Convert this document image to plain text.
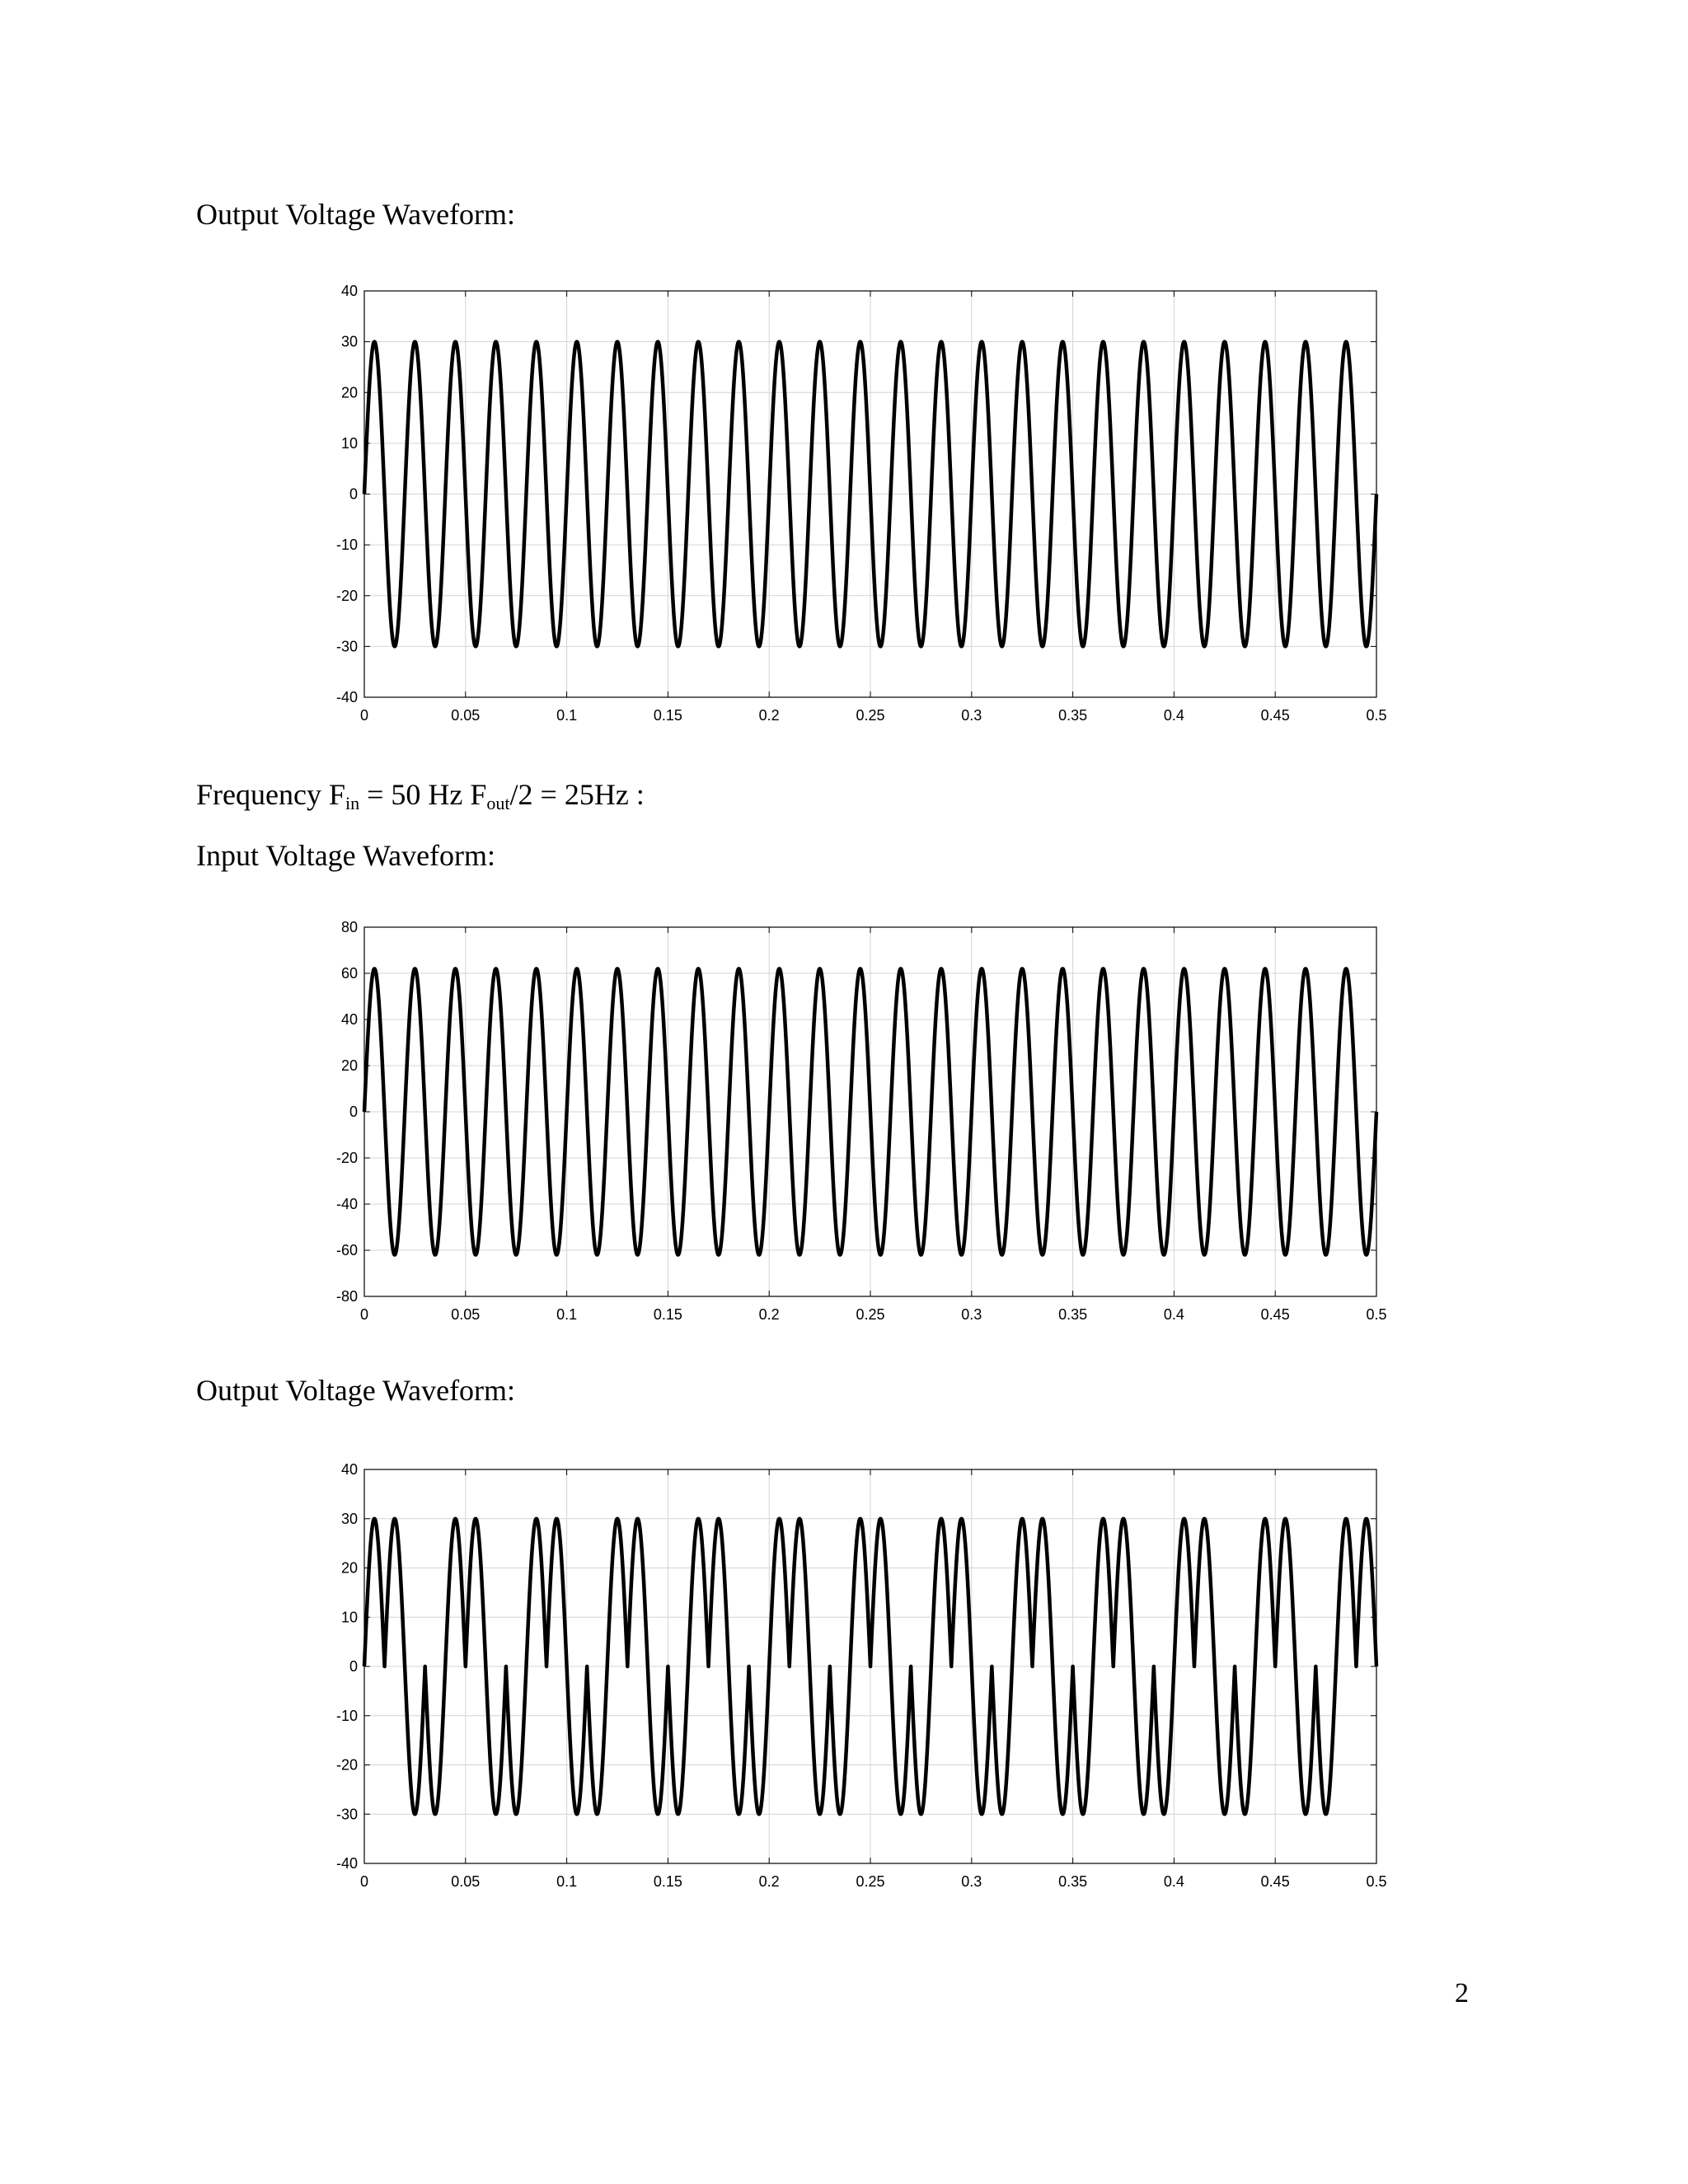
Output Voltage Waveform:
0	0.05	0.1	0.15	0.2	0.25	0.3	0.35	0.4	0.45	0.5
40
30
20
10
0
-10
-20
-30
-40
Frequency $F_{in} = 50$ Hz $F_{out}/2 = 25Hz$ :
Input Voltage Waveform:
0	0.05	0.1	0.15	0.2	0.25	0.3	0.35	0.4	0.45	0.5
80
60
40
20
0
-20
-40
-60
-80
Output Voltage Waveform:
0	0.05	0.1	0.15	0.2	0.25	0.3	0.35	0.4	0.45	0.5
40
30
20
10
0
-10
-20
-30
-40
2
